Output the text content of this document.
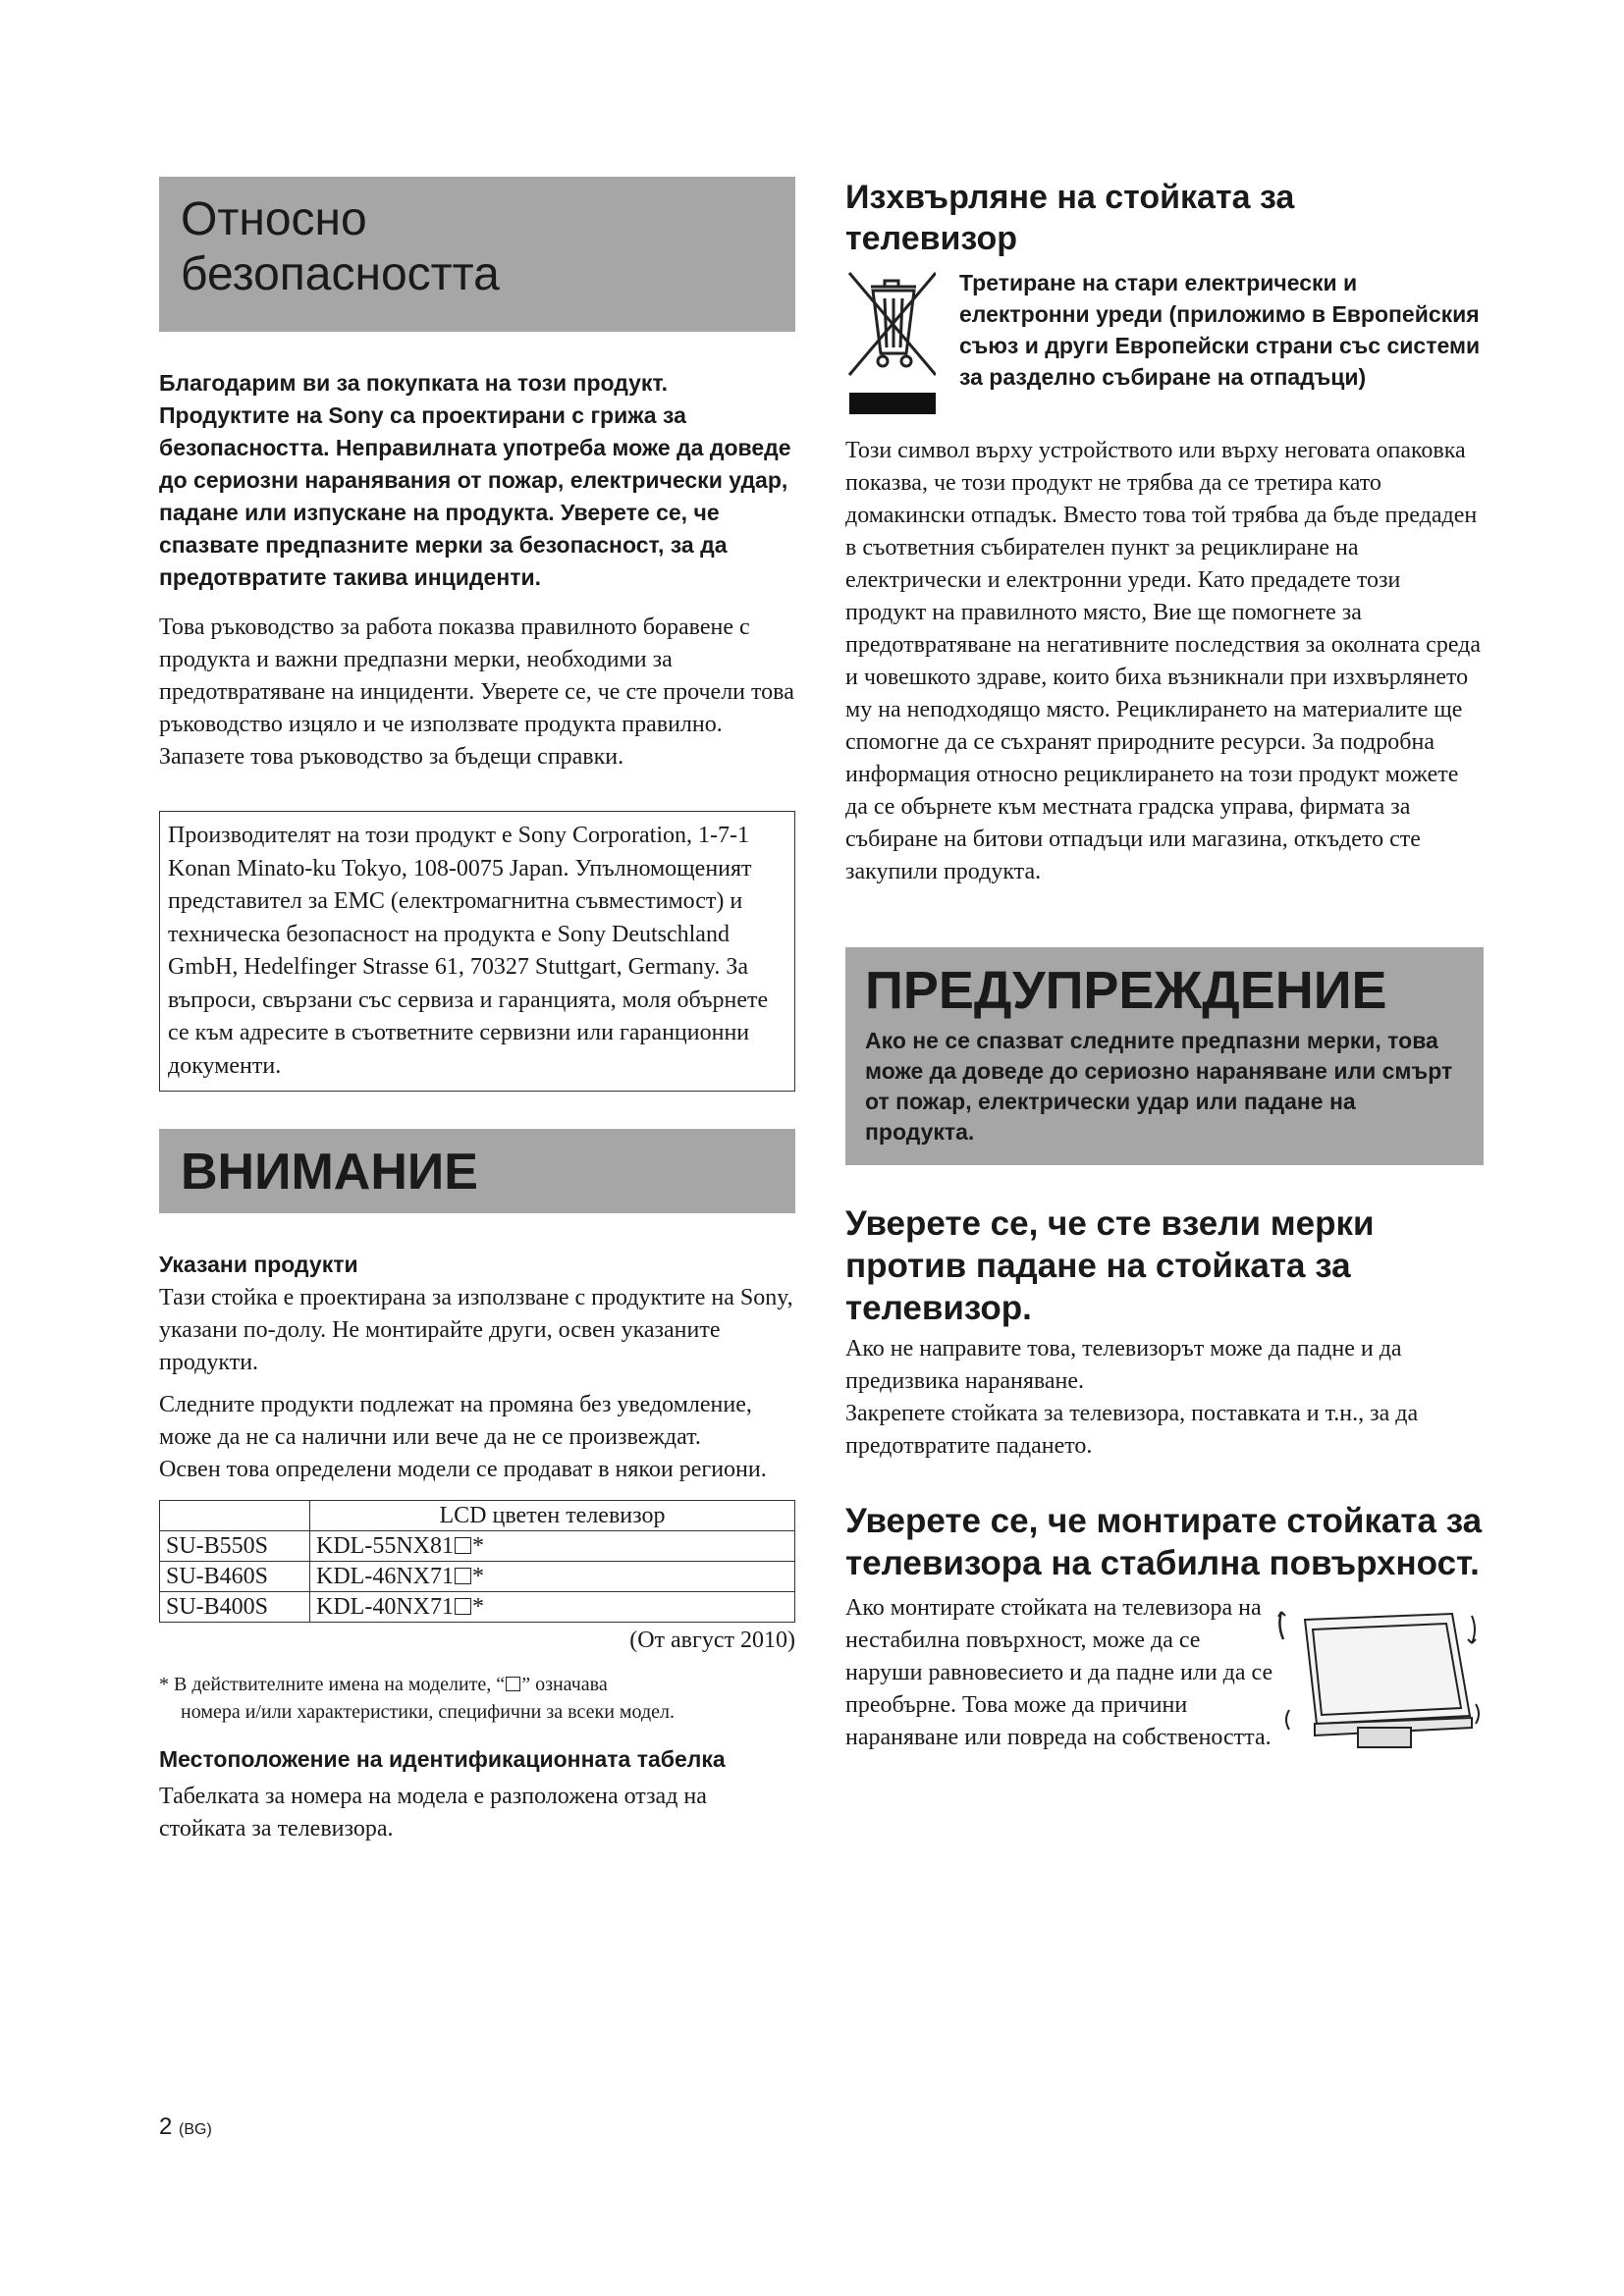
Относно безопасността

Благодарим ви за покупката на този продукт. Продуктите на Sony са проектирани с грижа за безопасността. Неправилната употреба може да доведе до сериозни наранявания от пожар, електрически удар, падане или изпускане на продукта. Уверете се, че спазвате предпазните мерки за безопасност, за да предотвратите такива инциденти.

Това ръководство за работа показва правилното боравене с продукта и важни предпазни мерки, необходими за предотвратяване на инциденти. Уверете се, че сте прочели това ръководство изцяло и че използвате продукта правилно. Запазете това ръководство за бъдещи справки.

Производителят на този продукт е Sony Corporation, 1-7-1 Konan Minato-ku Tokyo, 108-0075 Japan. Упълномощеният представител за EMC (електромагнитна съвместимост) и техническа безопасност на продукта е Sony Deutschland GmbH, Hedelfinger Strasse 61, 70327 Stuttgart, Germany. За въпроси, свързани със сервиза и гаранцията, моля обърнете се към адресите в съответните сервизни или гаранционни документи.
ВНИМАНИЕ

Указани продукти

Тази стойка е проектирана за използване с продуктите на Sony, указани по-долу. Не монтирайте други, освен указаните продукти.

Следните продукти подлежат на промяна без уведомление, може да не са налични или вече да не се произвеждат.

Освен това определени модели се продават в някои региони.

	LCD цветен телевизор
SU-B550S	KDL-55NX81 *
SU-B460S	KDL-46NX71 *
SU-B400S	KDL-40NX71 *

(От август 2010)

* В действителните имена на моделите, “ ” означава
номера и/или характеристики, специфични за всеки модел.

Местоположение на идентификационната табелка

Табелката за номера на модела е разположена отзад на стойката за телевизора.

Изхвърляне на стойката за телевизор

Третиране на стари електрически и електронни уреди (приложимо в Европейския съюз и други Европейски страни със системи за разделно събиране на отпадъци)

Този символ върху устройството или върху неговата опаковка показва, че този продукт не трябва да се третира като домакински отпадък. Вместо това той трябва да бъде предаден в съответния събирателен пункт за рециклиране на електрически и електронни уреди. Като предадете този продукт на правилното място, Вие ще помогнете за предотвратяване на негативните последствия за околната среда и човешкото здраве, които биха възникнали при изхвърлянето му на неподходящо място. Рециклирането на материалите ще спомогне да се съхранят природните ресурси. За подробна информация относно рециклирането на този продукт можете да се обърнете към местната градска управа, фирмата за събиране на битови отпадъци или магазина, откъдето сте закупили продукта.

ПРЕДУПРЕЖДЕНИЕ

Ако не се спазват следните предпазни мерки, това може да доведе до сериозно нараняване или смърт от пожар, електрически удар или падане на продукта.

Уверете се, че сте взели мерки против падане на стойката за телевизор.

Ако не направите това, телевизорът може да падне и да предизвика нараняване.

Закрепете стойката за телевизора, поставката и т.н., за да предотвратите падането.

Уверете се, че монтирате стойката за телевизора на стабилна повърхност.

Ако монтирате стойката на телевизора на нестабилна повърхност, може да се наруши равновесието и да падне или да се преобърне. Това може да причини нараняване или повреда на собствеността.

2 (BG)
